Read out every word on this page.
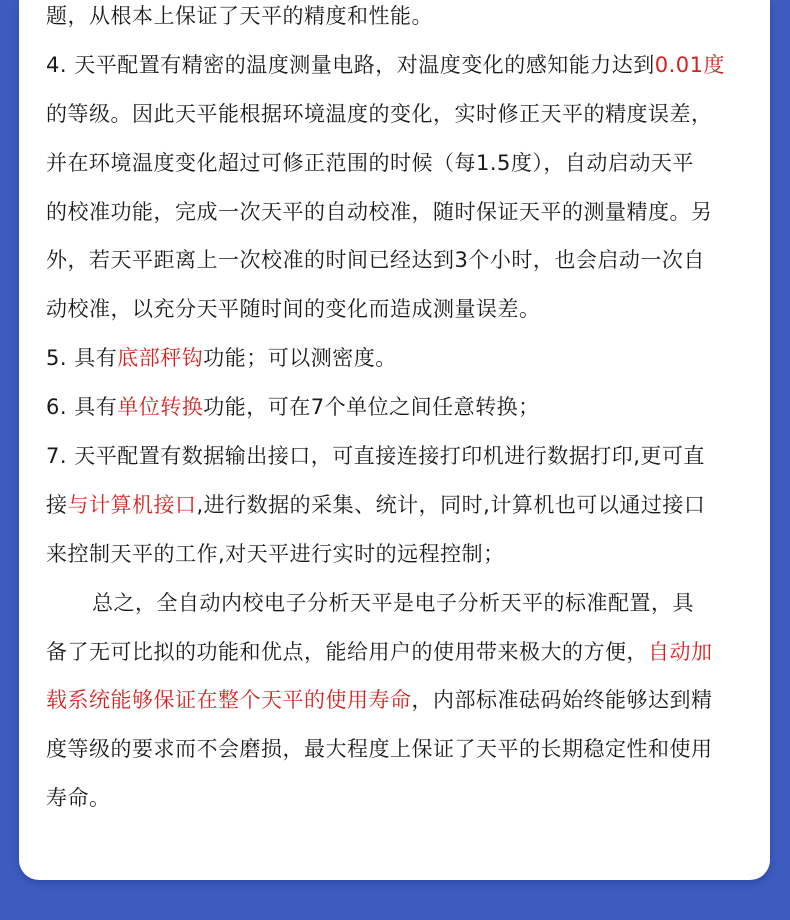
题，从根本上保证了天平的精度和性能。
4. 天平配置有精密的温度测量电路，对温度变化的感知能力达到0.01度
的等级。因此天平能根据环境温度的变化，实时修正天平的精度误差，
并在环境温度变化超过可修正范围的时候（每1.5度），自动启动天平
的校准功能，完成一次天平的自动校准，随时保证天平的测量精度。另
外，若天平距离上一次校准的时间已经达到3个小时，也会启动一次自
动校准，以充分天平随时间的变化而造成测量误差。
5. 具有底部秤钩功能；可以测密度。
6. 具有单位转换功能，可在7个单位之间任意转换；
7. 天平配置有数据输出接口，可直接连接打印机进行数据打印,更可直
接与计算机接口,进行数据的采集、统计，同时,计算机也可以通过接口
来控制天平的工作,对天平进行实时的远程控制；
总之，全自动内校电子分析天平是电子分析天平的标准配置，具
备了无可比拟的功能和优点，能给用户的使用带来极大的方便，自动加
载系统能够保证在整个天平的使用寿命，内部标准砝码始终能够达到精
度等级的要求而不会磨损，最大程度上保证了天平的长期稳定性和使用
寿命。
